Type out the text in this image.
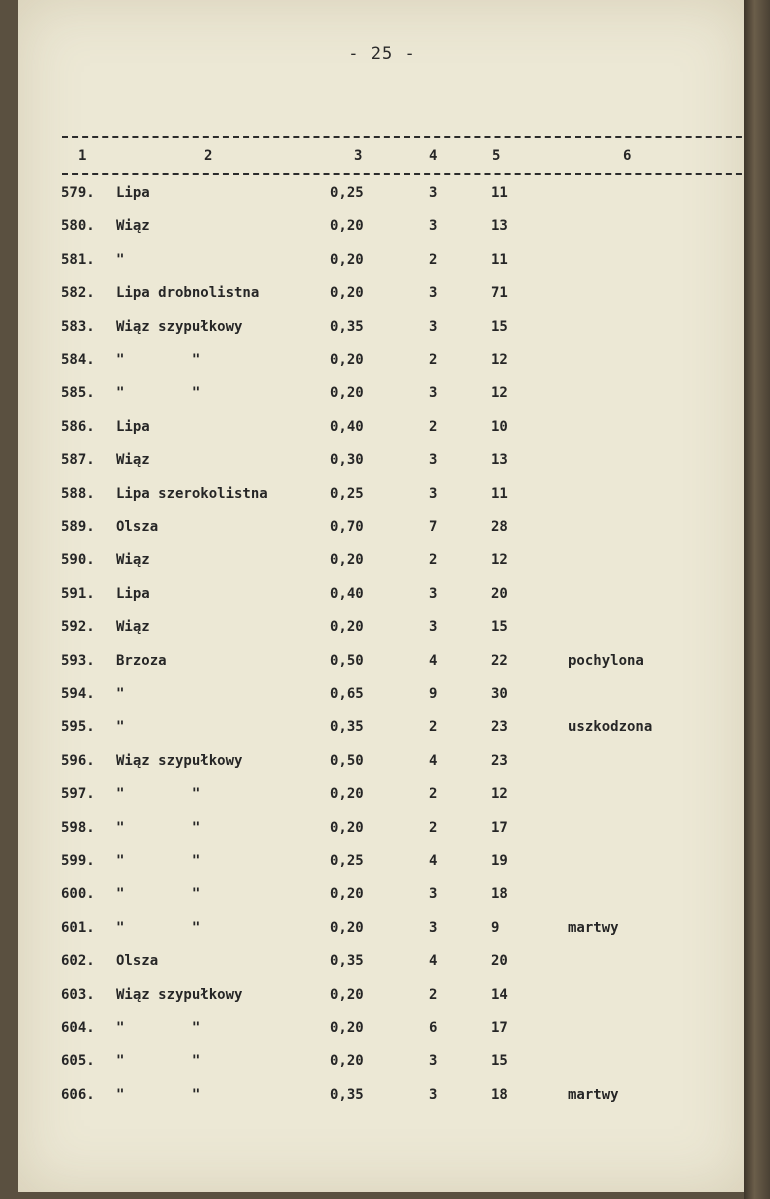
- 25 -
1	2	3	4	5	6
579. Lipa	0,25	3	11
580. Wiąz	0,20	3	13
581. "	0,20	2	11
582. Lipa drobnolistna	0,20	3	71
583. Wiąz szypułkowy	0,35	3	15
584. "        "	0,20	2	12
585. "        "	0,20	3	12
586. Lipa	0,40	2	10
587. Wiąz	0,30	3	13
588. Lipa szerokolistna	0,25	3	11
589. Olsza	0,70	7	28
590. Wiąz	0,20	2	12
591. Lipa	0,40	3	20
592. Wiąz	0,20	3	15
593. Brzoza	0,50	4	22	pochylona
594. "	0,65	9	30
595. "	0,35	2	23	uszkodzona
596. Wiąz szypułkowy	0,50	4	23
597. "        "	0,20	2	12
598. "        "	0,20	2	17
599. "        "	0,25	4	19
600. "        "	0,20	3	18
601. "        "	0,20	3	9	martwy
602. Olsza	0,35	4	20
603. Wiąz szypułkowy	0,20	2	14
604. "        "	0,20	6	17
605. "        "	0,20	3	15
606. "        "	0,35	3	18	martwy
